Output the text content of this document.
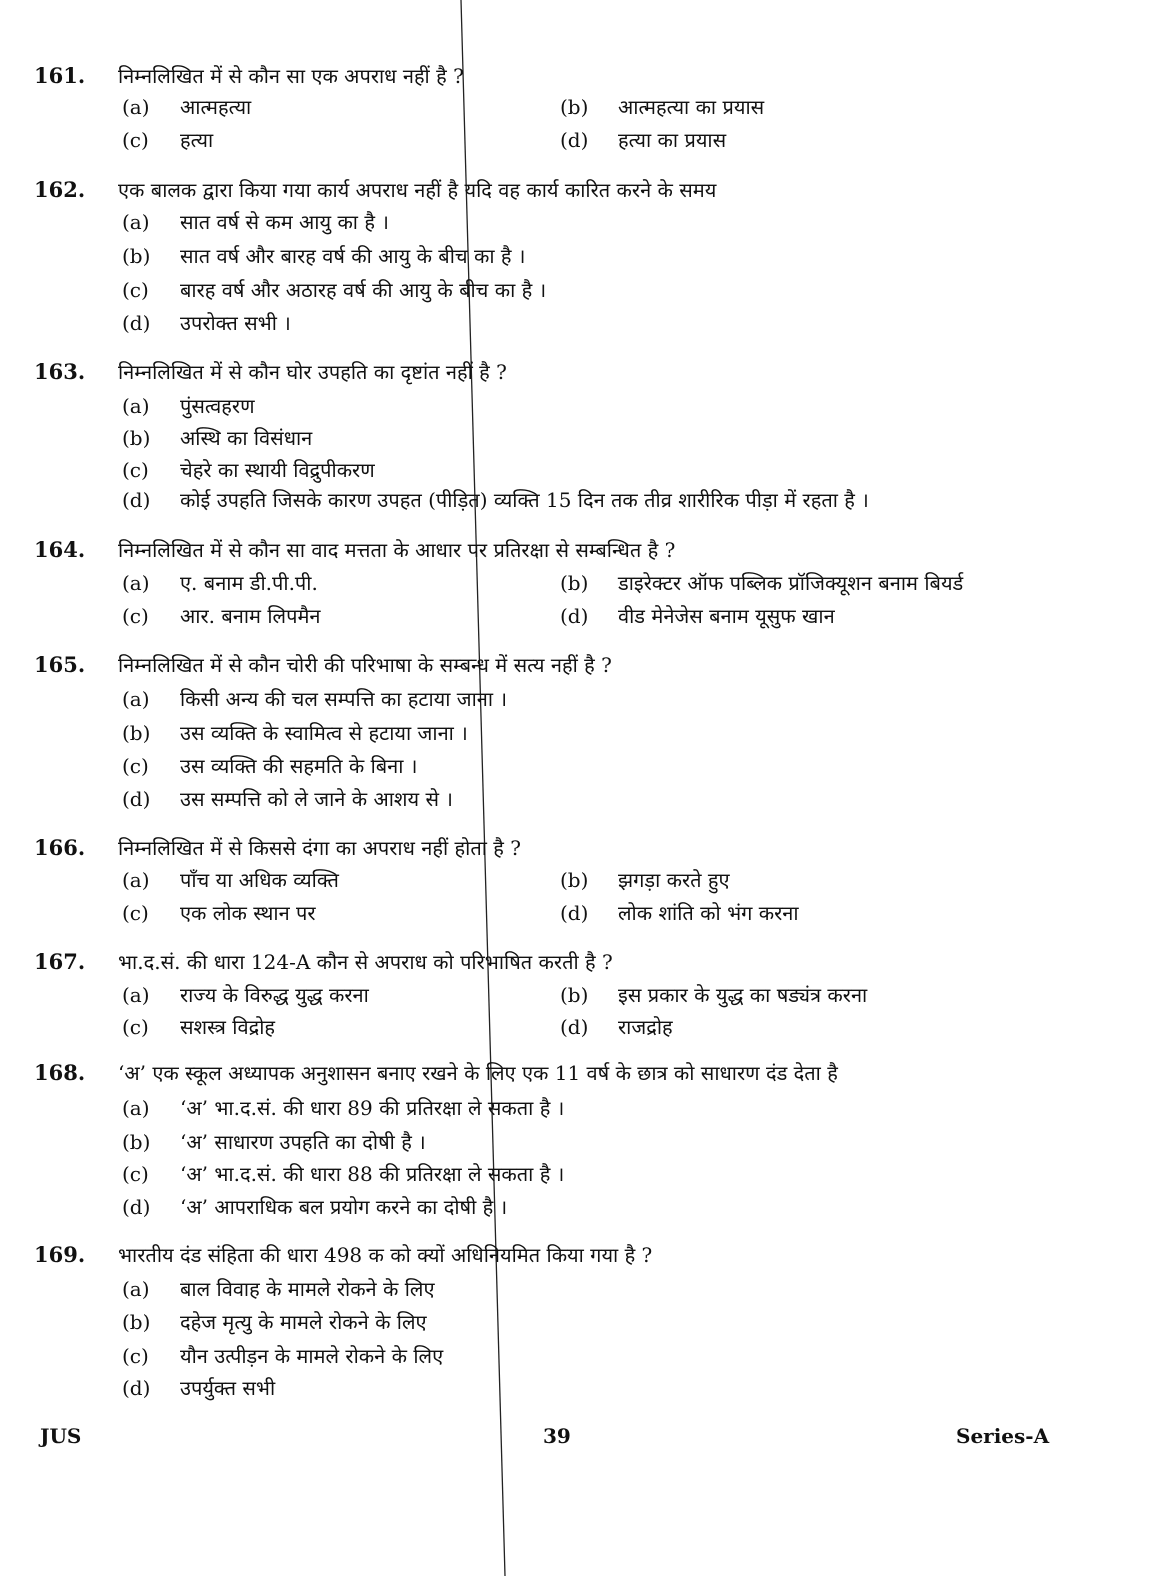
161. निम्नलिखित में से कौन सा एक अपराध नहीं है ?
(a) आत्महत्या	(b) आत्महत्या का प्रयास
(c) हत्या	(d) हत्या का प्रयास
162. एक बालक द्वारा किया गया कार्य अपराध नहीं है यदि वह कार्य कारित करने के समय
(a) सात वर्ष से कम आयु का है ।
(b) सात वर्ष और बारह वर्ष की आयु के बीच का है ।
(c) बारह वर्ष और अठारह वर्ष की आयु के बीच का है ।
(d) उपरोक्त सभी ।
163. निम्नलिखित में से कौन घोर उपहति का दृष्टांत नहीं है ?
(a) पुंसत्वहरण
(b) अस्थि का विसंधान
(c) चेहरे का स्थायी विद्रुपीकरण
(d) कोई उपहति जिसके कारण उपहत (पीड़ित) व्यक्ति 15 दिन तक तीव्र शारीरिक पीड़ा में रहता है ।
164. निम्नलिखित में से कौन सा वाद मत्तता के आधार पर प्रतिरक्षा से सम्बन्धित है ?
(a) ए. बनाम डी.पी.पी.	(b) डाइरेक्टर ऑफ पब्लिक प्रॉजिक्यूशन बनाम बियर्ड
(c) आर. बनाम लिपमैन	(d) वीड मेनेजेस बनाम यूसुफ खान
165. निम्नलिखित में से कौन चोरी की परिभाषा के सम्बन्ध में सत्य नहीं है ?
(a) किसी अन्य की चल सम्पत्ति का हटाया जाना ।
(b) उस व्यक्ति के स्वामित्व से हटाया जाना ।
(c) उस व्यक्ति की सहमति के बिना ।
(d) उस सम्पत्ति को ले जाने के आशय से ।
166. निम्नलिखित में से किससे दंगा का अपराध नहीं होता है ?
(a) पाँच या अधिक व्यक्ति	(b) झगड़ा करते हुए
(c) एक लोक स्थान पर	(d) लोक शांति को भंग करना
167. भा.द.सं. की धारा 124-A कौन से अपराध को परिभाषित करती है ?
(a) राज्य के विरुद्ध युद्ध करना	(b) इस प्रकार के युद्ध का षड्यंत्र करना
(c) सशस्त्र विद्रोह	(d) राजद्रोह
168. ‘अ’ एक स्कूल अध्यापक अनुशासन बनाए रखने के लिए एक 11 वर्ष के छात्र को साधारण दंड देता है
(a) ‘अ’ भा.द.सं. की धारा 89 की प्रतिरक्षा ले सकता है ।
(b) ‘अ’ साधारण उपहति का दोषी है ।
(c) ‘अ’ भा.द.सं. की धारा 88 की प्रतिरक्षा ले सकता है ।
(d) ‘अ’ आपराधिक बल प्रयोग करने का दोषी है ।
169. भारतीय दंड संहिता की धारा 498 क को क्यों अधिनियमित किया गया है ?
(a) बाल विवाह के मामले रोकने के लिए
(b) दहेज मृत्यु के मामले रोकने के लिए
(c) यौन उत्पीड़न के मामले रोकने के लिए
(d) उपर्युक्त सभी
JUS	39	Series-A
